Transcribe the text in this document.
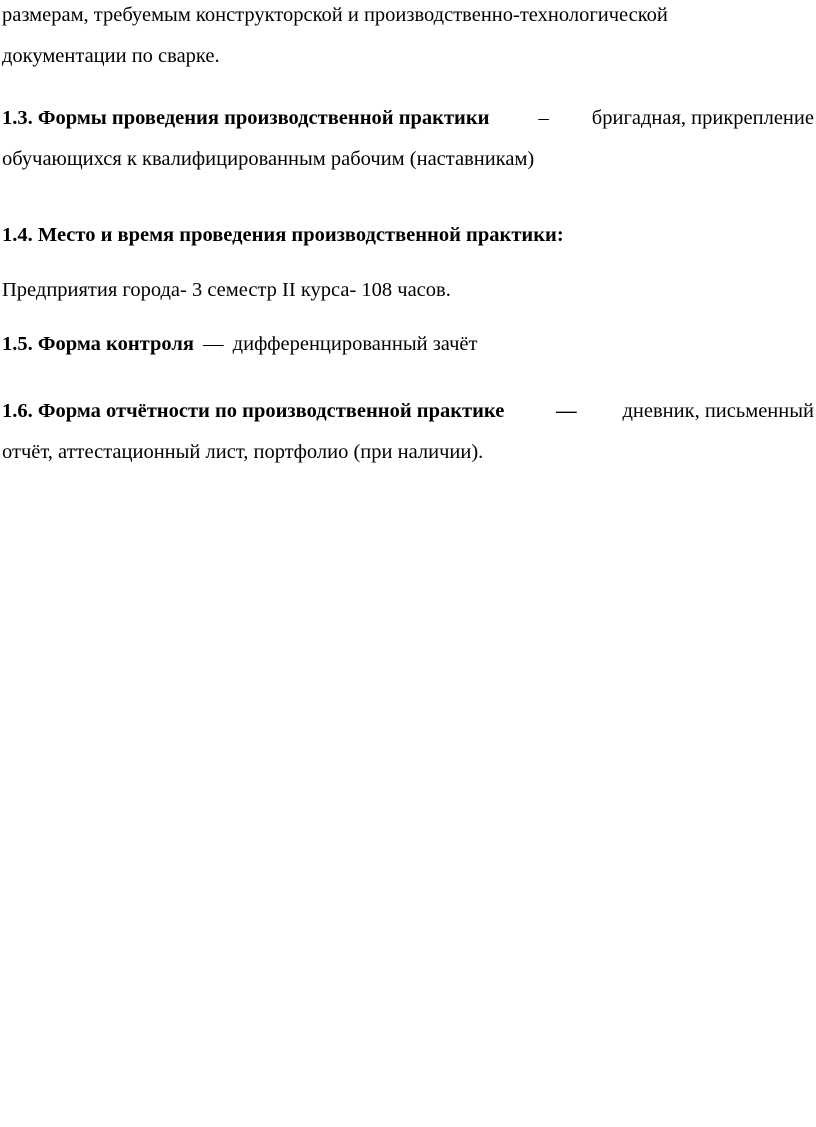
размерам, требуемым конструкторской и производственно-технологической
документации по сварке.
1.3. Формы проведения производственной практики – бригадная, прикрепление
обучающихся к квалифицированным рабочим (наставникам)
1.4. Место и время проведения производственной практики:
Предприятия города- 3 семестр II курса- 108 часов.
1.5. Форма контроля — дифференцированный зачёт
1.6. Форма отчётности по производственной практике	— дневник, письменный
отчёт, аттестационный лист, портфолио (при наличии).
